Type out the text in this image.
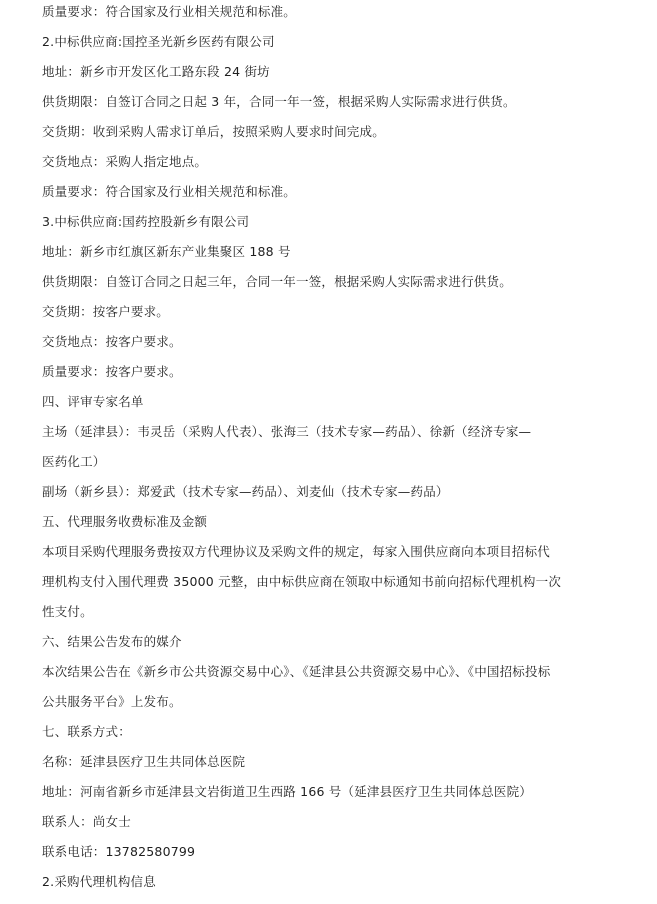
质量要求：符合国家及行业相关规范和标准。
2.中标供应商:国控圣光新乡医药有限公司
地址：新乡市开发区化工路东段 24 街坊
供货期限：自签订合同之日起 3 年，合同一年一签，根据采购人实际需求进行供货。
交货期：收到采购人需求订单后，按照采购人要求时间完成。
交货地点：采购人指定地点。
质量要求：符合国家及行业相关规范和标准。
3.中标供应商:国药控股新乡有限公司
地址：新乡市红旗区新东产业集聚区 188 号
供货期限：自签订合同之日起三年，合同一年一签，根据采购人实际需求进行供货。
交货期：按客户要求。
交货地点：按客户要求。
质量要求：按客户要求。
四、评审专家名单
主场（延津县）：韦灵岳（采购人代表）、张海三（技术专家—药品）、徐新（经济专家—
医药化工）
副场（新乡县）：郑爱武（技术专家—药品）、刘麦仙（技术专家—药品）
五、代理服务收费标准及金额
本项目采购代理服务费按双方代理协议及采购文件的规定，每家入围供应商向本项目招标代
理机构支付入围代理费 35000 元整，由中标供应商在领取中标通知书前向招标代理机构一次
性支付。
六、结果公告发布的媒介
本次结果公告在《新乡市公共资源交易中心》、《延津县公共资源交易中心》、《中国招标投标
公共服务平台》上发布。
七、联系方式：
名称：延津县医疗卫生共同体总医院
地址：河南省新乡市延津县文岩街道卫生西路 166 号（延津县医疗卫生共同体总医院）
联系人：尚女士
联系电话：13782580799
2.采购代理机构信息
